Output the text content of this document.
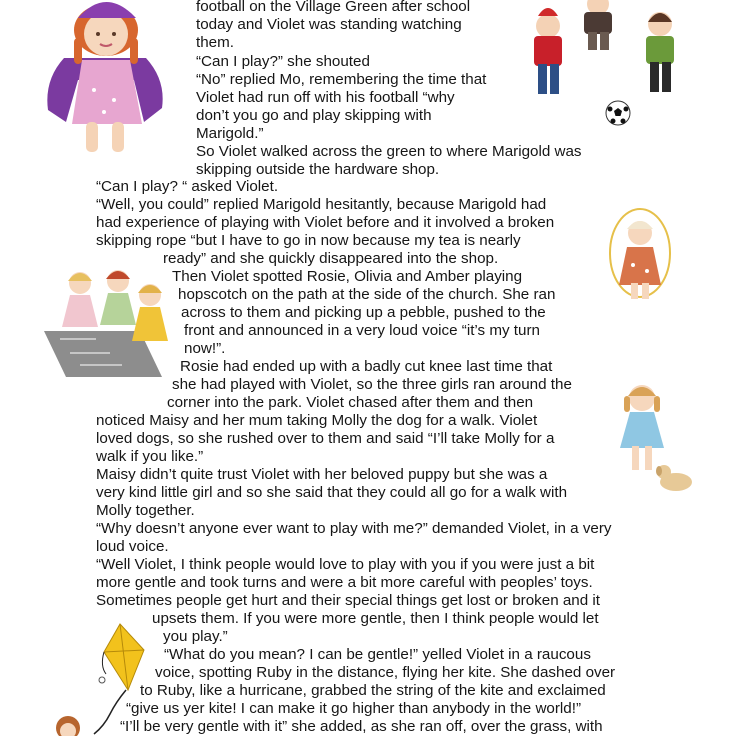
football on the Village Green after school
today and Violet was standing watching
them.
“Can I play?” she shouted
“No” replied Mo, remembering the time that
Violet had run off with his football “why
don’t you go and play skipping with
Marigold.”
So Violet walked across the green to where Marigold was
skipping outside the hardware shop.
“Can I play? “ asked Violet.
“Well, you could” replied Marigold hesitantly, because Marigold had
had experience of playing with Violet before and it involved a broken
skipping rope “but I have to go in now because my tea is nearly
ready” and she quickly disappeared into the shop.
Then Violet spotted Rosie, Olivia and Amber playing
hopscotch on the path at the side of the church. She ran
across to them and picking up a pebble, pushed to the
front and announced in a very loud voice “it’s my turn
now!”.
Rosie had ended up with a badly cut knee last time that
she had played with Violet, so the three girls ran around the
corner into the park. Violet chased after them and then
noticed Maisy and her mum taking Molly the dog for a walk. Violet
loved dogs, so she rushed over to them and said “I’ll take Molly for a
walk if you like.”
Maisy didn’t quite trust Violet with her beloved puppy but she was a
very kind little girl and so she said that they could all go for a walk with
Molly together.
“Why doesn’t anyone ever want to play with me?” demanded Violet, in a very
loud voice.
“Well Violet, I think people would love to play with you if you were just a bit
more gentle and took turns and were a bit more careful with peoples’ toys.
Sometimes people get hurt and their special things get lost or broken and it
upsets them. If you were more gentle, then I think people would let
you play.”
“What do you mean? I can be gentle!” yelled Violet in a raucous
voice, spotting Ruby in the distance, flying her kite. She dashed over
to Ruby, like a hurricane, grabbed the string of the kite and exclaimed
“give us yer kite! I can make it go higher than anybody in the world!”
“I’ll be very gentle with it” she added, as she ran off, over the grass, with
